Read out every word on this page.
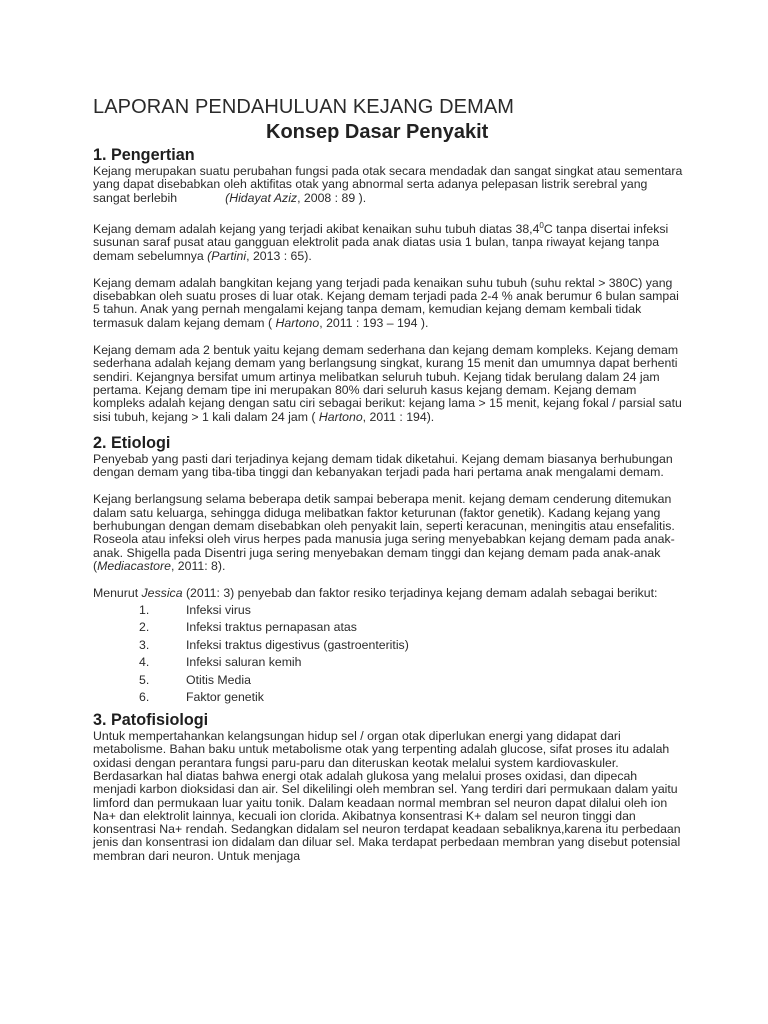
LAPORAN PENDAHULUAN KEJANG DEMAM
Konsep Dasar Penyakit
1. Pengertian

Kejang merupakan suatu perubahan fungsi pada otak secara mendadak dan sangat singkat atau sementara yang dapat disebabkan oleh aktifitas otak yang abnormal serta adanya pelepasan listrik serebral yang sangat berlebih	(Hidayat Aziz, 2008 : 89 ).

Kejang demam adalah kejang yang terjadi akibat kenaikan suhu tubuh diatas 38,4$^0$C tanpa disertai infeksi susunan saraf pusat atau gangguan elektrolit pada anak diatas usia 1 bulan, tanpa riwayat kejang tanpa demam sebelumnya (Partini, 2013 : 65).

Kejang demam adalah bangkitan kejang yang terjadi pada kenaikan suhu tubuh (suhu rektal > 380C) yang disebabkan oleh suatu proses di luar otak. Kejang demam terjadi pada 2-4 % anak berumur 6 bulan sampai 5 tahun. Anak yang pernah mengalami kejang tanpa demam, kemudian kejang demam kembali tidak termasuk dalam kejang demam ( Hartono, 2011 : 193 – 194 ).

Kejang demam ada 2 bentuk yaitu kejang demam sederhana dan kejang demam kompleks. Kejang demam sederhana adalah kejang demam yang berlangsung singkat, kurang 15 menit dan umumnya dapat berhenti sendiri. Kejangnya bersifat umum artinya melibatkan seluruh tubuh. Kejang tidak berulang dalam 24 jam pertama. Kejang demam tipe ini merupakan 80% dari seluruh kasus kejang demam. Kejang demam kompleks adalah kejang dengan satu ciri sebagai berikut: kejang lama > 15 menit, kejang fokal / parsial satu sisi tubuh, kejang > 1 kali dalam 24 jam ( Hartono, 2011 : 194).

2. Etiologi

Penyebab yang pasti dari terjadinya kejang demam tidak diketahui. Kejang demam biasanya berhubungan dengan demam yang tiba-tiba tinggi dan kebanyakan terjadi pada hari pertama anak mengalami demam.

Kejang berlangsung selama beberapa detik sampai beberapa menit. kejang demam cenderung ditemukan dalam satu keluarga, sehingga diduga melibatkan faktor keturunan (faktor genetik). Kadang kejang yang berhubungan dengan demam disebabkan oleh penyakit lain, seperti keracunan, meningitis atau ensefalitis. Roseola atau infeksi oleh virus herpes pada manusia juga sering menyebabkan kejang demam pada anak-anak. Shigella pada Disentri juga sering menyebakan demam tinggi dan kejang demam pada anak-anak (Mediacastore, 2011: 8).

Menurut Jessica (2011: 3) penyebab dan faktor resiko terjadinya kejang demam adalah sebagai berikut:

1.	Infeksi virus
2.	Infeksi traktus pernapasan atas
3.	Infeksi traktus digestivus (gastroenteritis)
4.	Infeksi saluran kemih
5.	Otitis Media
6.	Faktor genetik
3. Patofisiologi

Untuk mempertahankan kelangsungan hidup sel / organ otak diperlukan energi yang didapat dari metabolisme. Bahan baku untuk metabolisme otak yang terpenting adalah glucose, sifat proses itu adalah oxidasi dengan perantara fungsi paru-paru dan diteruskan keotak melalui system kardiovaskuler. Berdasarkan hal diatas bahwa energi otak adalah glukosa yang melalui proses oxidasi, dan dipecah menjadi karbon dioksidasi dan air. Sel dikelilingi oleh membran sel. Yang terdiri dari permukaan dalam yaitu limford dan permukaan luar yaitu tonik. Dalam keadaan normal membran sel neuron dapat dilalui oleh ion Na+ dan elektrolit lainnya, kecuali ion clorida. Akibatnya konsentrasi K+ dalam sel neuron tinggi dan konsentrasi Na+ rendah. Sedangkan didalam sel neuron terdapat keadaan sebaliknya,karena itu perbedaan jenis dan konsentrasi ion didalam dan diluar sel. Maka terdapat perbedaan membran yang disebut potensial membran dari neuron. Untuk menjaga
